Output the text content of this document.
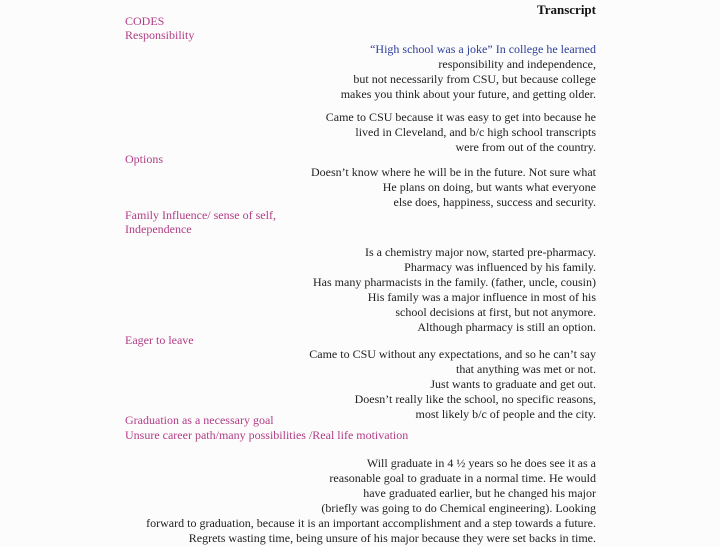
Transcript
CODES
Responsibility
Options
Family Influence/ sense of self,
Independence
Eager to leave
Graduation as a necessary goal
Unsure career path/many possibilities /Real life motivation
“High school was a joke” In college he learned
responsibility and independence,
but not necessarily from CSU, but because college
makes you think about your future, and getting older.
Came to CSU because it was easy to get into because he
lived in Cleveland, and b/c high school transcripts
were from out of the country.
Doesn’t know where he will be in the future. Not sure what
He plans on doing, but wants what everyone
else does, happiness, success and security.
Is a chemistry major now, started pre-pharmacy.
Pharmacy was influenced by his family.
Has many pharmacists in the family. (father, uncle, cousin)
His family was a major influence in most of his
school decisions at first, but not anymore.
Although pharmacy is still an option.
Came to CSU without any expectations, and so he can’t say
that anything was met or not.
Just wants to graduate and get out.
Doesn’t really like the school, no specific reasons,
most likely b/c of people and the city.
Will graduate in 4 ½ years so he does see it as a
reasonable goal to graduate in a normal time. He would
have graduated earlier, but he changed his major
(briefly was going to do Chemical engineering). Looking
forward to graduation, because it is an important accomplishment and a step towards a future.
Regrets wasting time, being unsure of his major because they were set backs in time.
